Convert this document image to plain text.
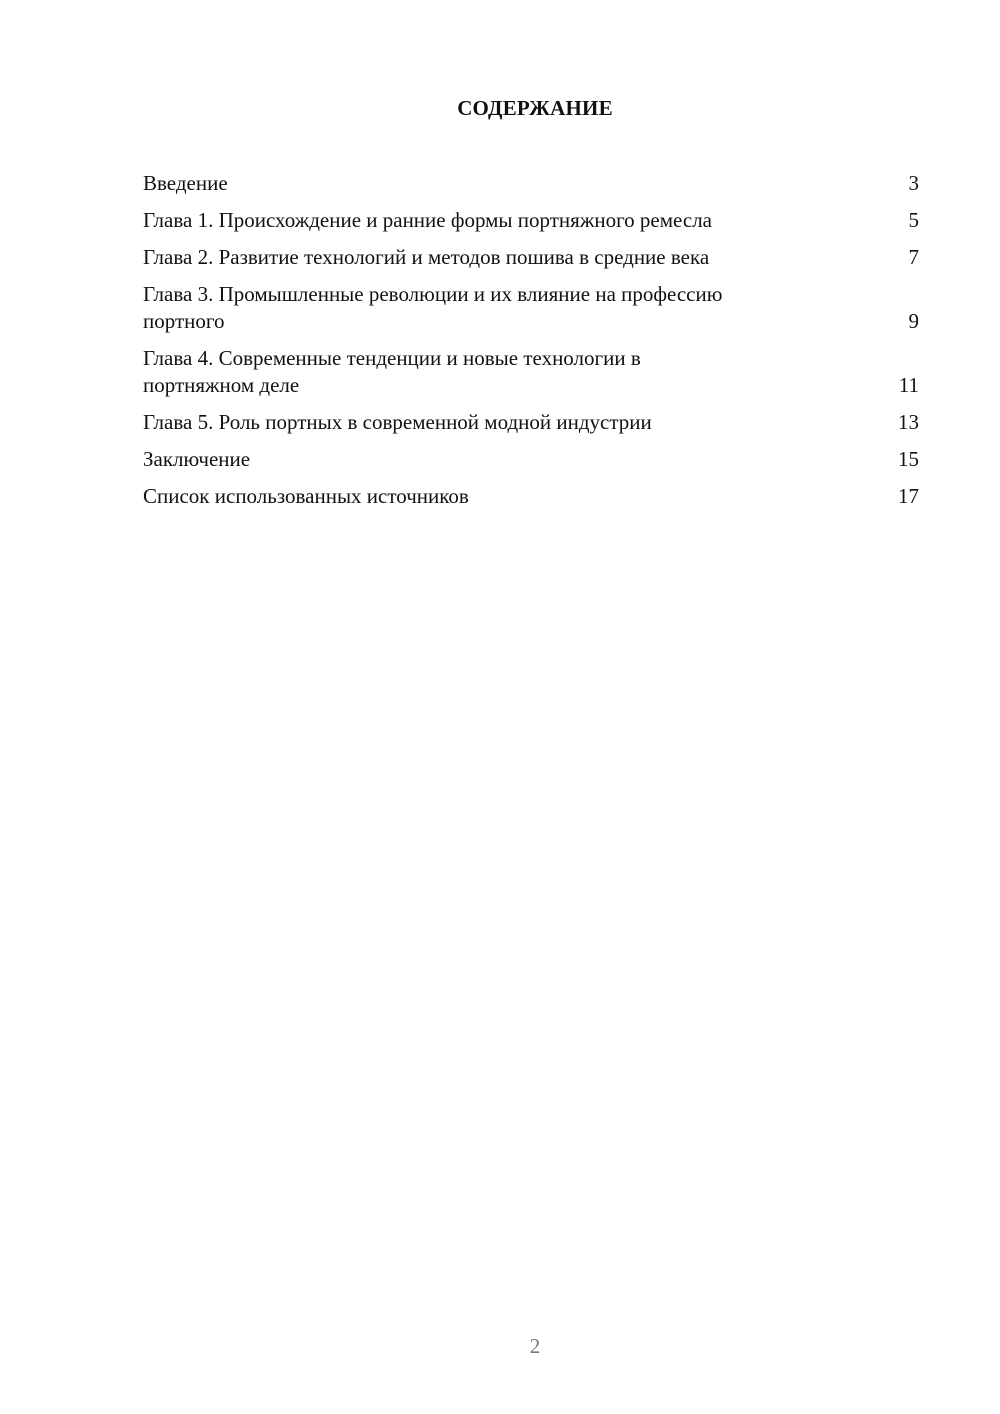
СОДЕРЖАНИЕ
Введение	3
Глава 1. Происхождение и ранние формы портняжного ремесла	5
Глава 2. Развитие технологий и методов пошива в средние века	7
Глава 3. Промышленные революции и их влияние на профессию портного	9
Глава 4. Современные тенденции и новые технологии в портняжном деле	11
Глава 5. Роль портных в современной модной индустрии	13
Заключение	15
Список использованных источников	17
2
